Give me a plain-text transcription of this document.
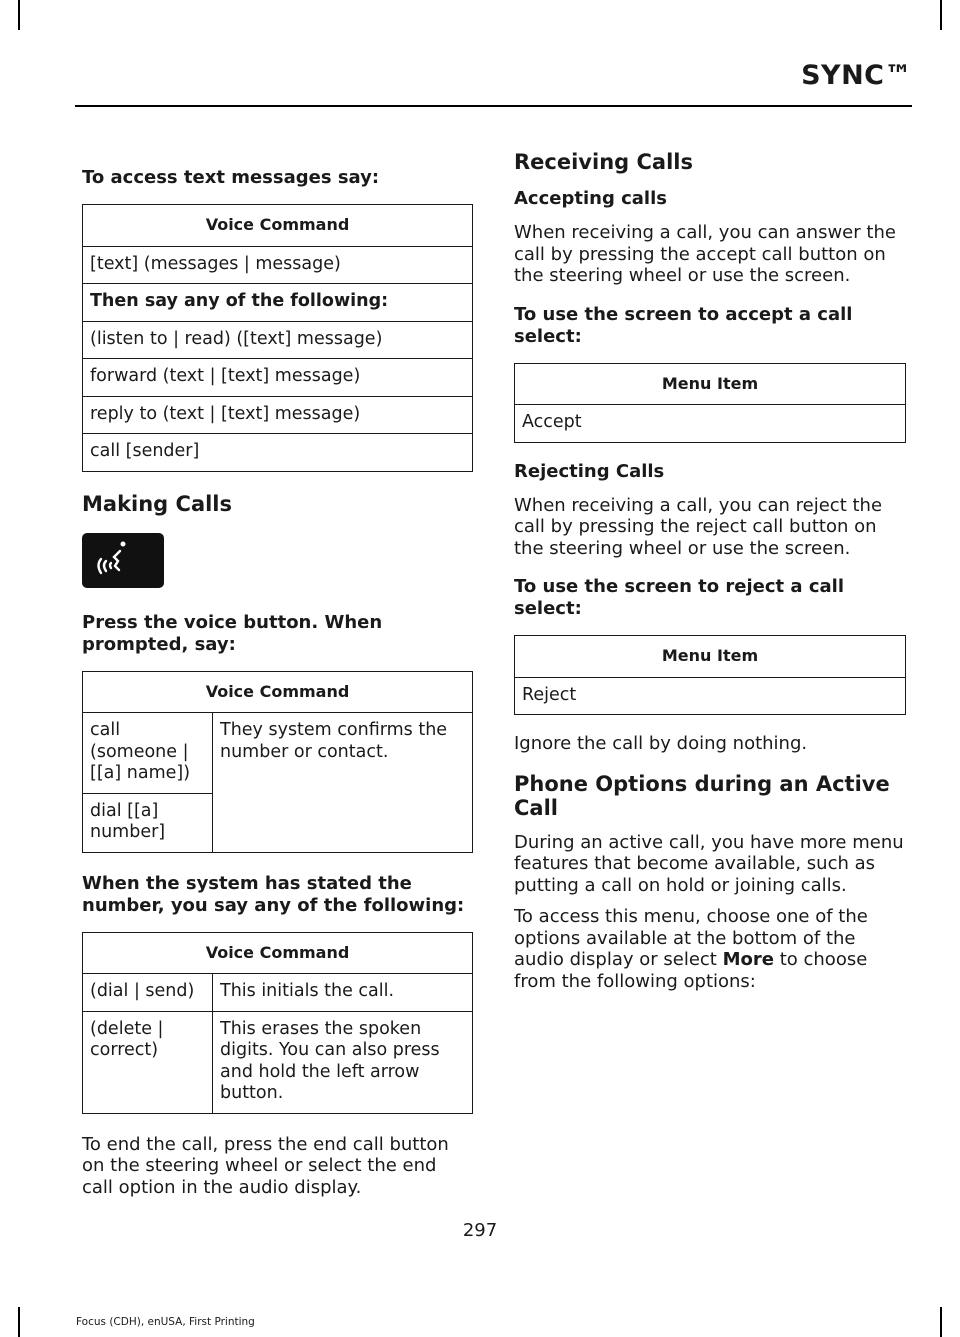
SYNC™

To access text messages say:

Voice Command
[text] (messages | message)
Then say any of the following:
(listen to | read) ([text] message)
forward (text | [text] message)
reply to (text | [text] message)
call [sender]

Making Calls

Press the voice button. When prompted, say:

Voice Command
call (someone | [[a] name])	They system confirms the number or contact.
dial [[a] number]

When the system has stated the number, you say any of the following:

Voice Command	
(dial | send)	This initials the call.
(delete | correct)	This erases the spoken digits. You can also press and hold the left arrow button.

To end the call, press the end call button on the steering wheel or select the end call option in the audio display.

Receiving Calls

Accepting calls

When receiving a call, you can answer the call by pressing the accept call button on the steering wheel or use the screen.

To use the screen to accept a call select:

Menu Item
Accept

Rejecting Calls

When receiving a call, you can reject the call by pressing the reject call button on the steering wheel or use the screen.

To use the screen to reject a call select:

Menu Item
Reject

Ignore the call by doing nothing.

Phone Options during an Active Call

During an active call, you have more menu features that become available, such as putting a call on hold or joining calls.

To access this menu, choose one of the options available at the bottom of the audio display or select More to choose from the following options:

297
Focus (CDH), enUSA, First Printing
